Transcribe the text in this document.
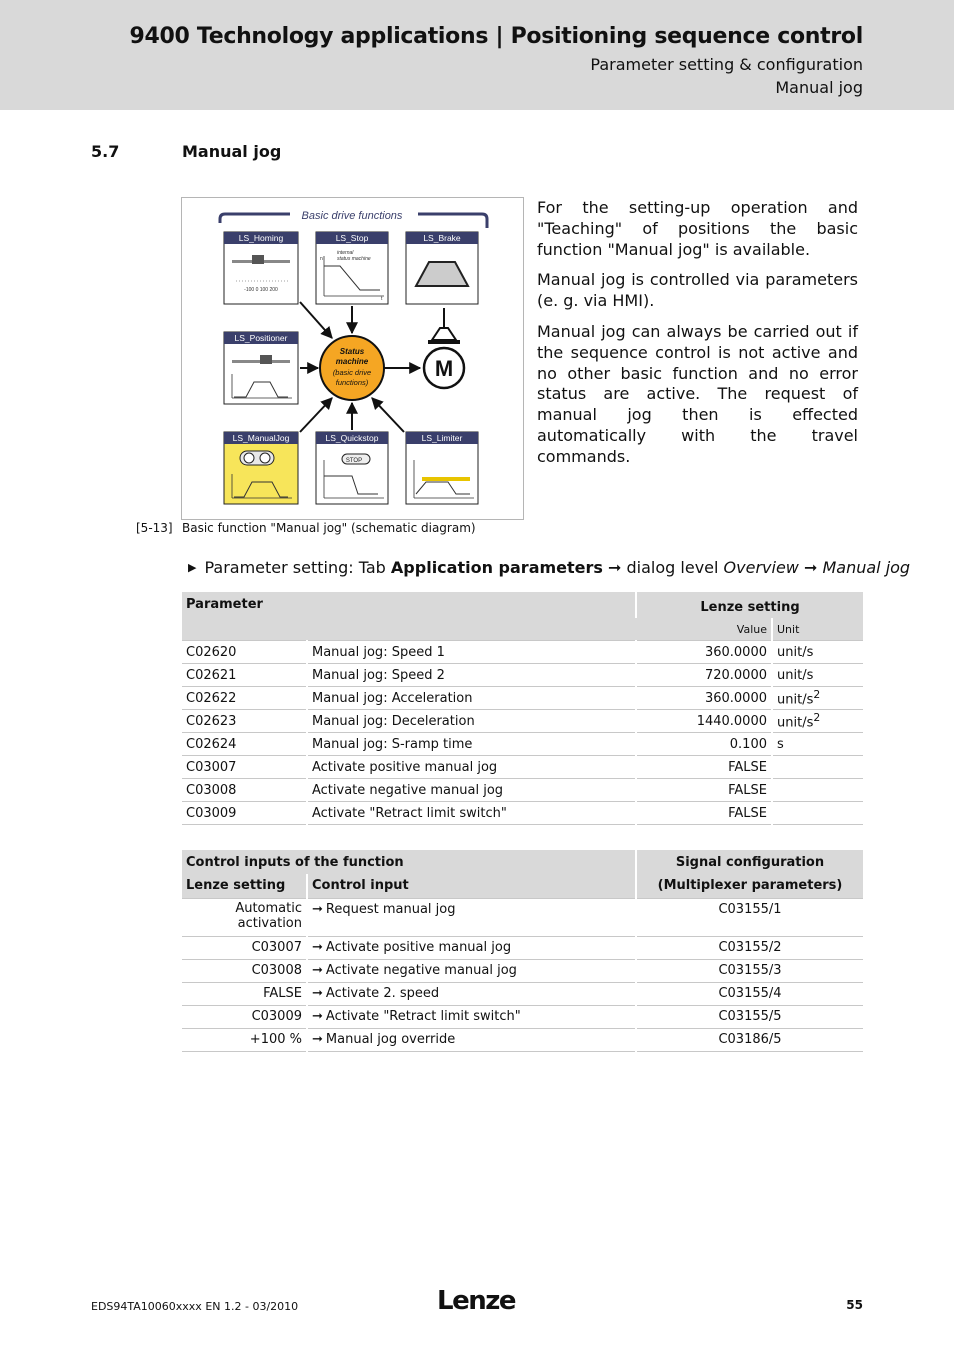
9400 Technology applications | Positioning sequence control
Parameter setting & configuration
Manual jog
5.7	Manual jog
Basic drive functions
LS_Homing
-100 0 100 200
LS_Stop
internal
status machine
n
t
LS_Brake
LS_Positioner
LS_ManualJog	LS_Quickstop
STOP
LS_Limiter
Status
machine
(basic drive
functions)
M

For the setting-up operation and "Teaching" of positions the basic function "Manual jog" is available.

Manual jog is controlled via parameters (e. g. via HMI).

Manual jog can always be carried out if the sequence control is not active and no other basic function and no error status are active. The request of manual jog then is effected automatically with the travel commands.

[5-13] Basic function "Manual jog" (schematic diagram)
▶ Parameter setting: Tab Application parameters ➞ dialog level Overview ➞ Manual jog
Parameter		Lenze setting	
		Value	Unit
C02620	Manual jog: Speed 1	360.0000	unit/s
C02621	Manual jog: Speed 2	720.0000	unit/s
C02622	Manual jog: Acceleration	360.0000	unit/$s^2$
C02623	Manual jog: Deceleration	1440.0000	unit/$s^2$
C02624	Manual jog: S-ramp time	0.100	s
C03007	Activate positive manual jog	FALSE	
C03008	Activate negative manual jog	FALSE	
C03009	Activate "Retract limit switch"	FALSE	
Control inputs of the function		Signal configuration
Lenze setting	Control input	(Multiplexer parameters)

Automatic
activation	➞ Request manual jog	C03155/1
C03007	➞ Activate positive manual jog	C03155/2
C03008	➞ Activate negative manual jog	C03155/3
FALSE	➞ Activate 2. speed	C03155/4
C03009	➞ Activate "Retract limit switch"	C03155/5
+100 %	➞ Manual jog override	C03186/5
EDS94TA10060xxxx EN 1.2 - 03/2010	Lenze	55
